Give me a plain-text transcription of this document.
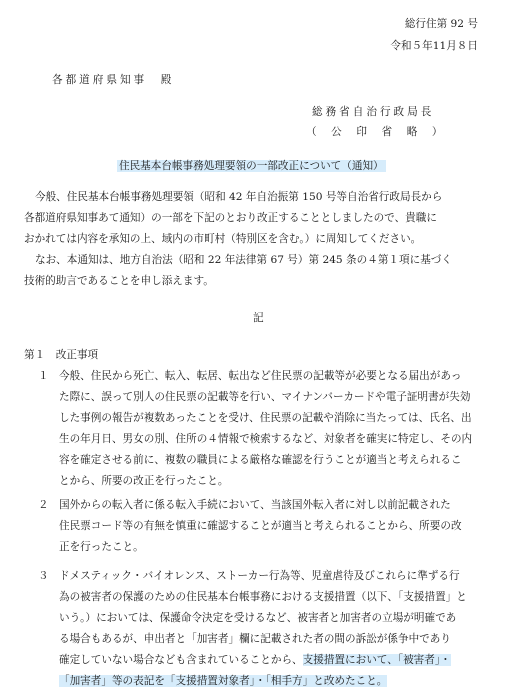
総行住第 92 号
令和５年11月８日
各都道府県知事　殿
総務省自治行政局長
（　公　印　省　略　）
住民基本台帳事務処理要領の一部改正について（通知）
今般、住民基本台帳事務処理要領（昭和 42 年自治振第 150 号等自治省行政局長から
各都道府県知事あて通知）の一部を下記のとおり改正することとしましたので、貴職に
おかれては内容を承知の上、域内の市町村（特別区を含む。）に周知してください。
なお、本通知は、地方自治法（昭和 22 年法律第 67 号）第 245 条の４第１項に基づく
技術的助言であることを申し添えます。
記
第１　改正事項
１ 今般、住民から死亡、転入、転居、転出など住民票の記載等が必要となる届出があっ
た際に、誤って別人の住民票の記載等を行い、マイナンバーカードや電子証明書が失効
した事例の報告が複数あったことを受け、住民票の記載や消除に当たっては、氏名、出
生の年月日、男女の別、住所の４情報で検索するなど、対象者を確実に特定し、その内
容を確定させる前に、複数の職員による厳格な確認を行うことが適当と考えられるこ
とから、所要の改正を行ったこと。
２ 国外からの転入者に係る転入手続において、当該国外転入者に対し以前記載された
住民票コード等の有無を慎重に確認することが適当と考えられることから、所要の改
正を行ったこと。
３ ドメスティック・バイオレンス、ストーカー行為等、児童虐待及びこれらに準ずる行
為の被害者の保護のための住民基本台帳事務における支援措置（以下、「支援措置」と
いう。）においては、保護命令決定を受けるなど、被害者と加害者の立場が明確であ
る場合もあるが、申出者と「加害者」欄に記載された者の間の訴訟が係争中であり
確定していない場合なども含まれていることから、支援措置において、「被害者」・
「加害者」等の表記を「支援措置対象者」・「相手方」と改めたこと。
